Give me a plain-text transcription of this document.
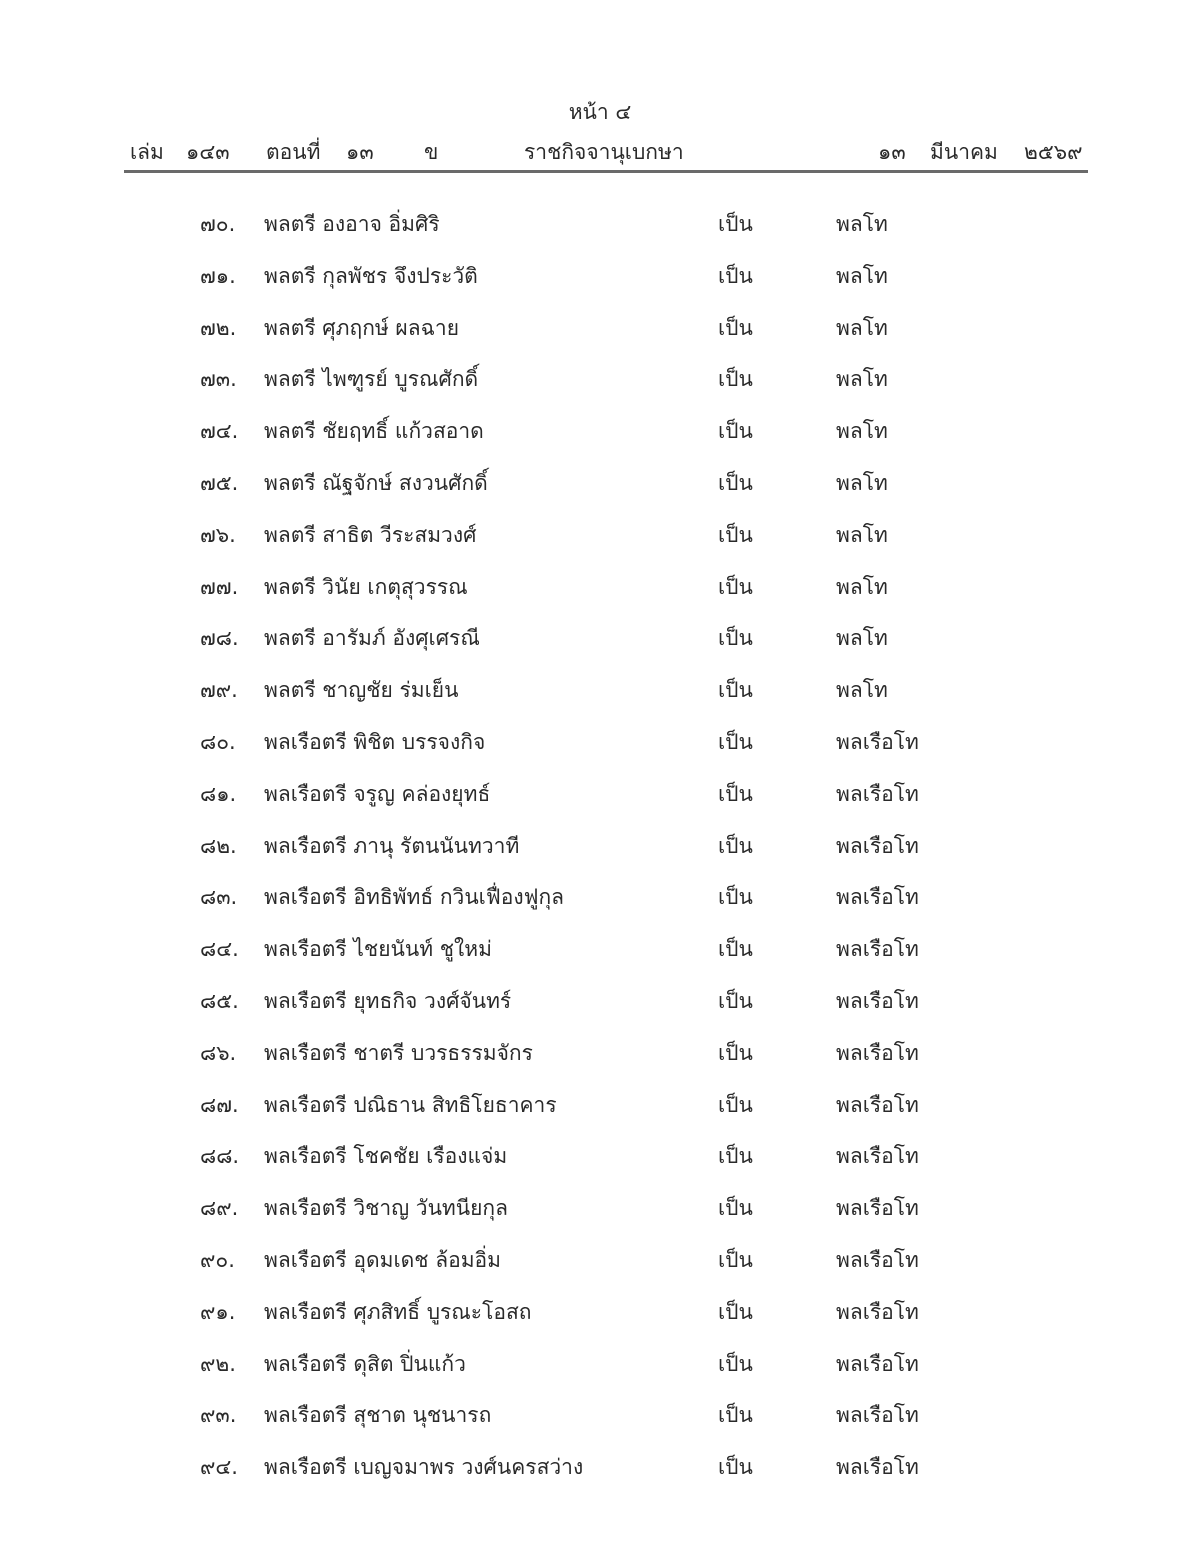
หน้า ๔
เล่ม ๑๔๓ ตอนที่ ๑๓ ข	ราชกิจจานุเบกษา	๑๓ มีนาคม ๒๕๖๙
๗๐.	พลตรี องอาจ อิ่มศิริ	เป็น	พลโท
๗๑.	พลตรี กุลพัชร จึงประวัติ	เป็น	พลโท
๗๒.	พลตรี ศุภฤกษ์ ผลฉาย	เป็น	พลโท
๗๓.	พลตรี ไพฑูรย์ บูรณศักดิ์	เป็น	พลโท
๗๔.	พลตรี ชัยฤทธิ์ แก้วสอาด	เป็น	พลโท
๗๕.	พลตรี ณัฐจักษ์ สงวนศักดิ์	เป็น	พลโท
๗๖.	พลตรี สาธิต วีระสมวงศ์	เป็น	พลโท
๗๗.	พลตรี วินัย เกตุสุวรรณ	เป็น	พลโท
๗๘.	พลตรี อารัมภ์ อังศุเศรณี	เป็น	พลโท
๗๙.	พลตรี ชาญชัย ร่มเย็น	เป็น	พลโท
๘๐.	พลเรือตรี พิชิต บรรจงกิจ	เป็น	พลเรือโท
๘๑.	พลเรือตรี จรูญ คล่องยุทธ์	เป็น	พลเรือโท
๘๒.	พลเรือตรี ภานุ รัตนนันทวาที	เป็น	พลเรือโท
๘๓.	พลเรือตรี อิทธิพัทธ์ กวินเฟื่องฟูกุล	เป็น	พลเรือโท
๘๔.	พลเรือตรี ไชยนันท์ ชูใหม่	เป็น	พลเรือโท
๘๕.	พลเรือตรี ยุทธกิจ วงศ์จันทร์	เป็น	พลเรือโท
๘๖.	พลเรือตรี ชาตรี บวรธรรมจักร	เป็น	พลเรือโท
๘๗.	พลเรือตรี ปณิธาน สิทธิโยธาคาร	เป็น	พลเรือโท
๘๘.	พลเรือตรี โชคชัย เรืองแจ่ม	เป็น	พลเรือโท
๘๙.	พลเรือตรี วิชาญ วันทนียกุล	เป็น	พลเรือโท
๙๐.	พลเรือตรี อุดมเดช ล้อมอิ่ม	เป็น	พลเรือโท
๙๑.	พลเรือตรี ศุภสิทธิ์ บูรณะโอสถ	เป็น	พลเรือโท
๙๒.	พลเรือตรี ดุสิต ปิ่นแก้ว	เป็น	พลเรือโท
๙๓.	พลเรือตรี สุชาต นุชนารถ	เป็น	พลเรือโท
๙๔.	พลเรือตรี เบญจมาพร วงศ์นครสว่าง	เป็น	พลเรือโท
